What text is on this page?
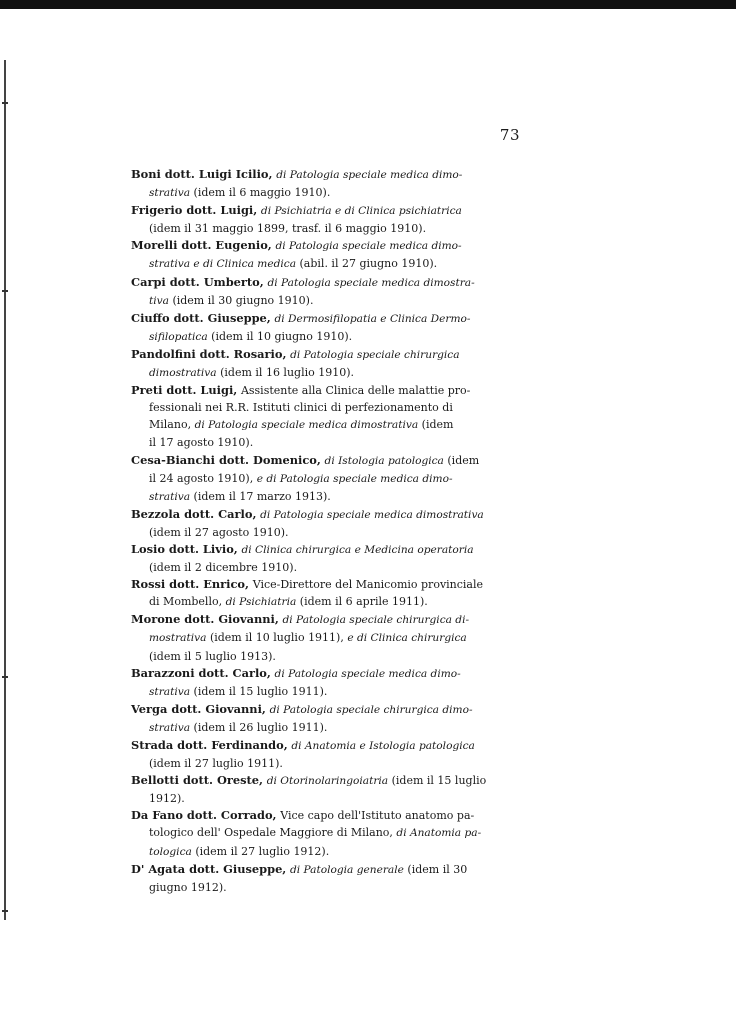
73
Boni dott. Luigi Icilio, di Patologia speciale medica dimo-
strativa (idem il 6 maggio 1910).
Frigerio dott. Luigi, di Psichiatria e di Clinica psichiatrica
(idem il 31 maggio 1899, trasf. il 6 maggio 1910).
Morelli dott. Eugenio, di Patologia speciale medica dimo-
strativa e di Clinica medica (abil. il 27 giugno 1910).
Carpi dott. Umberto, di Patologia speciale medica dimostra-
tiva (idem il 30 giugno 1910).
Ciuffo dott. Giuseppe, di Dermosifilopatia e Clinica Dermo-
sifilopatica (idem il 10 giugno 1910).
Pandolfini dott. Rosario, di Patologia speciale chirurgica
dimostrativa (idem il 16 luglio 1910).
Preti dott. Luigi, Assistente alla Clinica delle malattie pro-
fessionali nei R.R. Istituti clinici di perfezionamento di
Milano, di Patologia speciale medica dimostrativa (idem
il 17 agosto 1910).
Cesa-Bianchi dott. Domenico, di Istologia patologica (idem
il 24 agosto 1910), e di Patologia speciale medica dimo-
strativa (idem il 17 marzo 1913).
Bezzola dott. Carlo, di Patologia speciale medica dimostrativa
(idem il 27 agosto 1910).
Losio dott. Livio, di Clinica chirurgica e Medicina operatoria
(idem il 2 dicembre 1910).
Rossi dott. Enrico, Vice-Direttore del Manicomio provinciale
di Mombello, di Psichiatria (idem il 6 aprile 1911).
Morone dott. Giovanni, di Patologia speciale chirurgica di-
mostrativa (idem il 10 luglio 1911), e di Clinica chirurgica
(idem il 5 luglio 1913).
Barazzoni dott. Carlo, di Patologia speciale medica dimo-
strativa (idem il 15 luglio 1911).
Verga dott. Giovanni, di Patologia speciale chirurgica dimo-
strativa (idem il 26 luglio 1911).
Strada dott. Ferdinando, di Anatomia e Istologia patologica
(idem il 27 luglio 1911).
Bellotti dott. Oreste, di Otorinolaringoiatria (idem il 15 luglio
1912).
Da Fano dott. Corrado, Vice capo dell'Istituto anatomo pa-
tologico dell' Ospedale Maggiore di Milano, di Anatomia pa-
tologica (idem il 27 luglio 1912).
D' Agata dott. Giuseppe, di Patologia generale (idem il 30
giugno 1912).
